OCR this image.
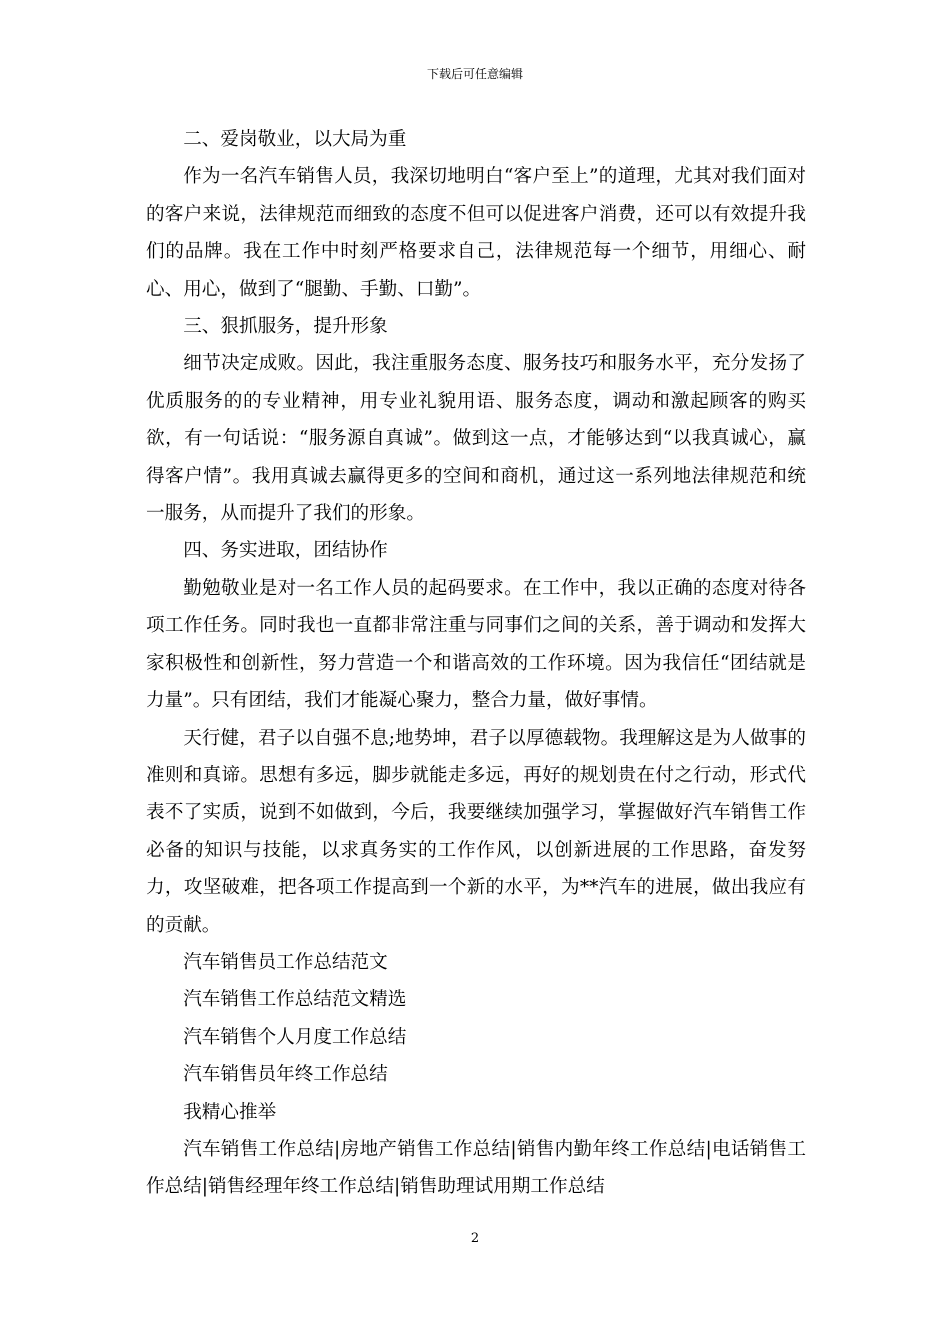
下载后可任意编辑

二、爱岗敬业，以大局为重

作为一名汽车销售人员，我深切地明白“客户至上”的道理，尤其对我们面对的客户来说，法律规范而细致的态度不但可以促进客户消费，还可以有效提升我们的品牌。我在工作中时刻严格要求自己，法律规范每一个细节，用细心、耐心、用心，做到了“腿勤、手勤、口勤”。

三、狠抓服务，提升形象

细节决定成败。因此，我注重服务态度、服务技巧和服务水平，充分发扬了优质服务的的专业精神，用专业礼貌用语、服务态度，调动和激起顾客的购买欲，有一句话说：“服务源自真诚”。做到这一点，才能够达到“以我真诚心，赢得客户情”。我用真诚去赢得更多的空间和商机，通过这一系列地法律规范和统一服务，从而提升了我们的形象。

四、务实进取，团结协作

勤勉敬业是对一名工作人员的起码要求。在工作中，我以正确的态度对待各项工作任务。同时我也一直都非常注重与同事们之间的关系，善于调动和发挥大家积极性和创新性，努力营造一个和谐高效的工作环境。因为我信任“团结就是力量”。只有团结，我们才能凝心聚力，整合力量，做好事情。

天行健，君子以自强不息;地势坤，君子以厚德载物。我理解这是为人做事的准则和真谛。思想有多远，脚步就能走多远，再好的规划贵在付之行动，形式代表不了实质，说到不如做到，今后，我要继续加强学习，掌握做好汽车销售工作必备的知识与技能，以求真务实的工作作风，以创新进展的工作思路，奋发努力，攻坚破难，把各项工作提高到一个新的水平，为**汽车的进展，做出我应有的贡献。

汽车销售员工作总结范文

汽车销售工作总结范文精选

汽车销售个人月度工作总结

汽车销售员年终工作总结

我精心推举

汽车销售工作总结|房地产销售工作总结|销售内勤年终工作总结|电话销售工作总结|销售经理年终工作总结|销售助理试用期工作总结

2
